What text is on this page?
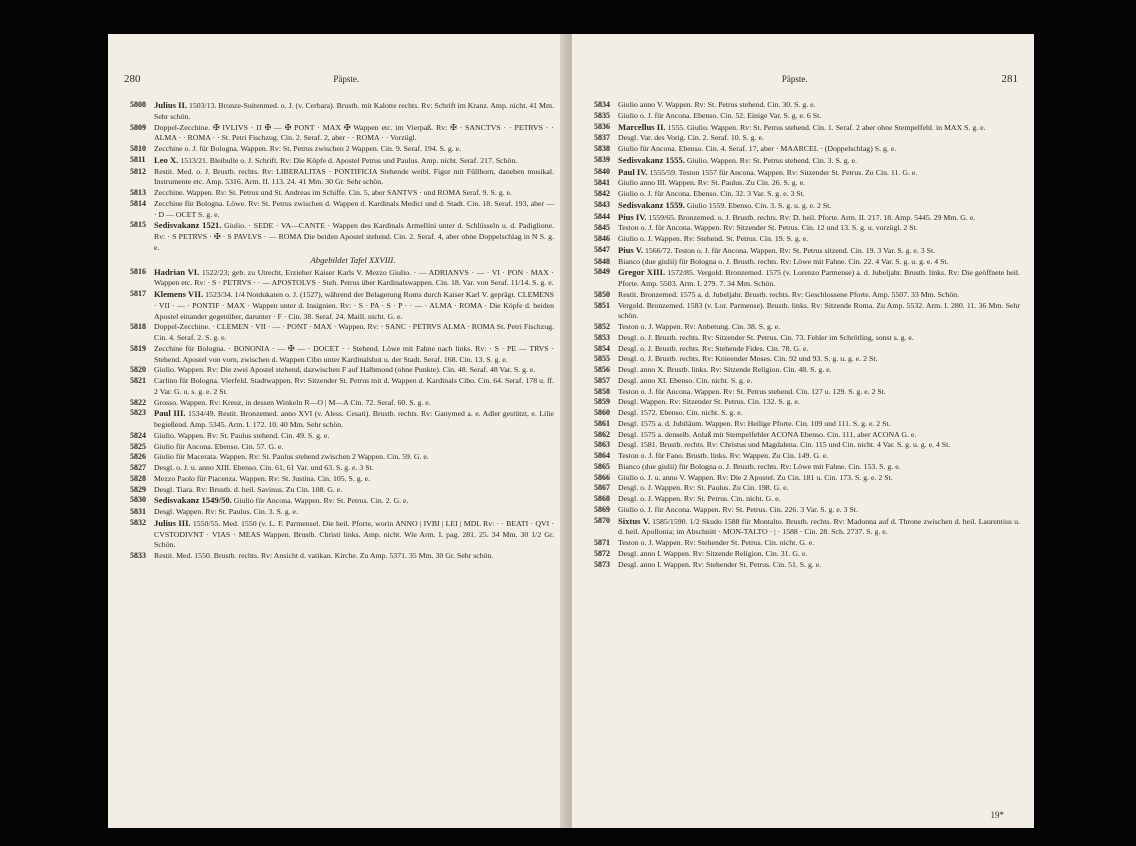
280	Päpste.
5808 Julius II. 1503/13. Bronze-Suitenmed. o. J. (v. Cerbara). Brustb. mit Kalotte rechts. Rv: Schrift im Kranz. Amp. nicht. 41 Mm. Sehr schön.
5809 Doppel-Zecchine. ✠ IVLIVS · II ✠ — ✠ PONT · MAX ✠ Wappen etc. im Vierpaß. Rv: ✠ · SANCTVS · · PETRVS · · ALMA · · ROMA · · St. Petri Fischzug. Cin. 2. Seraf. 2, aber · · ROMA · · Vorzügl.
5810 Zecchine o. J. für Bologna. Wappen. Rv: St. Petrus zwischen 2 Wappen. Cin. 9. Seraf. 194. S. g. e.
5811 Leo X. 1513/21. Bleibulle o. J. Schrift. Rv: Die Köpfe d. Apostel Petrus und Paulus. Amp. nicht. Seraf. 217. Schön.
5812 Restit. Med. o. J. Brustb. rechts. Rv: LIBERALITAS · PONTIFICIA Stehende weibl. Figur mit Füllhorn, daneben musikal. Instrumente etc. Amp. 5316. Arm. II. 113. 24. 41 Mm. 30 Gr. Sehr schön.
5813 Zecchine. Wappen. Rv: St. Petrus und St. Andreas im Schiffe. Cin. 5, aber SANTVS · und ROMA Seraf. 9. S. g. e.
5814 Zecchine für Bologna. Löwe. Rv: St. Petrus zwischen d. Wappen d. Kardinals Medici und d. Stadt. Cin. 18. Seraf. 193, aber — · D — OCET S. g. e.
5815 Sedisvakanz 1521. Giulio. · SEDE · VA—CANTE · Wappen des Kardinals Armellini unter d. Schlüsseln u. d. Padiglione. Rv: · S PETRVS · ✠ · S PAVLVS · — ROMA Die beiden Apostel stehend. Cin. 2. Seraf. 4, aber ohne Doppelschlag in N S. g. e.
Abgebildet Tafel XXVIII.
5816 Hadrian VI. 1522/23; geb. zu Utrecht, Erzieher Kaiser Karls V. Mezzo Giulio. · — ADRIANVS · — · VI · PON · MAX · Wappen etc. Rv: · S · PETRVS · · — APOSTOLVS · Steh. Petrus über Kardinalswappen. Cin. 18. Var. von Seraf. 11/14. S. g. e.
5817 Klemens VII. 1523/34. 1/4 Notdukaten o. J. (1527), während der Belagerung Roms durch Kaiser Karl V. geprägt. CLEMENS · VII · — · PONTIF · MAX · Wappen unter d. Insignien. Rv: · S · PA · S · P · · — · ALMA · ROMA · Die Köpfe d. beiden Apostel einander gegenüber, darunter · F · Cin. 38. Seraf. 24. Maill. nicht. G. e.
5818 Doppel-Zecchine. · CLEMEN · VII · — · PONT · MAX · Wappen. Rv: · SANC · PETRVS ALMA · ROMA St. Petri Fischzug. Cin. 4. Seraf. 2. S. g. e.
5819 Zecchine für Bologna. · BONONIA · — ✠ — · DOCET · · Stehend. Löwe mit Fahne nach links. Rv: · S · PE — TRVS · Stehend. Apostel von vorn, zwischen d. Wappen Cibo unter Kardinalshut u. der Stadt. Seraf. 168. Cin. 13. S. g. e.
5820 Giulio. Wappen. Rv: Die zwei Apostel stehend, dazwischen F auf Halbmond (ohne Punkte). Cin. 48. Seraf. 48 Var. S. g. e.
5821 Carlino für Bologna. Vierfeld. Stadtwappen. Rv: Sitzender St. Petrus mit d. Wappen d. Kardinals Cibo. Cin. 64. Seraf. 178 u. ff. 2 Var. G. u. s. g. e. 2 St.
5822 Grosso. Wappen. Rv: Kreuz, in dessen Winkeln R—O | M—A Cin. 72. Seraf. 60. S. g. e.
5823 Paul III. 1534/49. Restit. Bronzemed. anno XVI (v. Aless. Cesati). Brustb. rechts. Rv: Ganymed a. e. Adler gestützt, e. Lilie begießend. Amp. 5345. Arm. I. 172. 10. 40 Mm. Sehr schön.
5824 Giulio. Wappen. Rv: St. Paulus stehend. Cin. 49. S. g. e.
5825 Giulio für Ancona. Ebenso. Cin. 57. G. e.
5826 Giulio für Macerata. Wappen. Rv: St. Paulus stehend zwischen 2 Wappen. Cin. 59. G. e.
5827 Desgl. o. J. u. anno XIII. Ebenso. Cin. 61, 61 Var. und 63. S. g. e. 3 St.
5828 Mezzo Paolo für Piacenza. Wappen. Rv: St. Justina. Cin. 105. S. g. e.
5829 Desgl. Tiara. Rv: Brustb. d. heil. Savinus. Zu Cin. 108. G. e.
5830 Sedisvakanz 1549/50. Giulio für Ancona. Wappen. Rv: St. Petrus. Cin. 2. G. e.
5831 Desgl. Wappen. Rv: St. Paulus. Cin. 3. S. g. e.
5832 Julius III. 1550/55. Med. 1550 (v. L. F. Parmensel. Die heil. Pforte, worin ANNO | IVBI | LEI | MDL Rv: · · BEATI · QVI · CVSTODIVNT · VIAS · MEAS Wappen. Brustb. Christi links. Amp. nicht. Wie Arm. I. pag. 281. 25. 34 Mm. 30 1/2 Gr. Schön.
5833 Restit. Med. 1550. Brustb. rechts. Rv: Ansicht d. vatikan. Kirche. Zu Amp. 5371. 35 Mm. 30 Gr. Sehr schön.
Päpste.	281
5834 Giulio anno V. Wappen. Rv: St. Petrus stehend. Cin. 30. S. g. e.
5835 Giulio o. J. für Ancona. Ebenso. Cin. 52. Einige Var. S. g. e. 6 St.
5836 Marcellus II. 1555. Giulio. Wappen. Rv: St. Petrus stehend. Cin. 1. Seraf. 2 aber ohne Stempelfehl. in MAX S. g. e.
5837 Desgl. Var. des Vorig. Cin. 2. Seraf. 10. S. g. e.
5838 Giulio für Ancona. Ebenso. Cin. 4. Seraf. 17, aber · MAARCEL · (Doppelschlag) S. g. e.
5839 Sedisvakanz 1555. Giulio. Wappen. Rv: St. Petrus stehend. Cin. 3. S. g. e.
5840 Paul IV. 1555/59. Teston 1557 für Ancona. Wappen. Rv: Sitzender St. Petrus. Zu Cin. 11. G. e.
5841 Giulio anno III. Wappen. Rv: St. Paulus. Zu Cin. 26. S. g. e.
5842 Giulio o. J. für Ancona. Ebenso. Cin. 32. 3 Var. S. g. e. 3 St.
5843 Sedisvakanz 1559. Giulio 1559. Ebenso. Cin. 3. S. g. u. g. e. 2 St.
5844 Pius IV. 1559/65. Bronzemed. o. J. Brustb. rechts. Rv: D. heil. Pforte. Arm. II. 217. 18. Amp. 5445. 29 Mm. G. e.
5845 Teston o. J. für Ancona. Wappen. Rv: Sitzender St. Petrus. Cin. 12 und 13. S. g. u. vorzügl. 2 St.
5846 Giulio o. J. Wappen. Rv: Stehend. St. Petrus. Cin. 19. S. g. e.
5847 Pius V. 1566/72. Teston o. J. für Ancona. Wappen. Rv: St. Petrus sitzend. Cin. 19. 3 Var. S. g. e. 3 St.
5848 Bianco (due giulii) für Bologna o. J. Brustb. rechts. Rv: Löwe mit Fahne. Cin. 22. 4 Var. S. g. u. g. e. 4 St.
5849 Gregor XIII. 1572/85. Vergold. Bronzemed. 1575 (v. Lorenzo Parmense) a. d. Jubeljahr. Brustb. links. Rv: Die geöffnete heil. Pforte. Amp. 5503. Arm. I. 279. 7. 34 Mm. Schön.
5850 Restit. Bronzemed. 1575 a. d. Jubeljahr. Brustb. rechts. Rv: Geschlossene Pforte. Amp. 5507. 33 Mm. Schön.
5851 Vergold. Bronzemed. 1583 (v. Lor. Parmense). Brustb. links. Rv: Sitzende Roma. Zu Amp. 5532. Arm. I. 280. 11. 36 Mm. Sehr schön.
5852 Teston o. J. Wappen. Rv: Anbetung. Cin. 38. S. g. e.
5853 Desgl. o. J. Brustb. rechts. Rv: Sitzender St. Petrus. Cin. 73. Fehler im Schrötling, sonst s. g. e.
5854 Desgl. o. J. Brustb. rechts. Rv: Stehende Fides. Cin. 78. G. e.
5855 Desgl. o. J. Brustb. rechts. Rv: Knieender Moses. Cin. 92 und 93. S. g. u. g. e. 2 St.
5856 Desgl. anno X. Brustb. links. Rv: Sitzende Religion. Cin. 48. S. g. e.
5857 Desgl. anno XI. Ebenso. Cin. nicht. S. g. e.
5858 Teston o. J. für Ancona. Wappen. Rv: St. Petrus stehend. Cin. 127 u. 129. S. g. e. 2 St.
5859 Desgl. Wappen. Rv: Sitzender St. Petrus. Cin. 132. S. g. e.
5860 Desgl. 1572. Ebenso. Cin. nicht. S. g. e.
5861 Desgl. 1575 a. d. Jubiläum. Wappen. Rv: Heilige Pforte. Cin. 109 und 111. S. g. e. 2 St.
5862 Desgl. 1575 a. denselb. Anlaß mit Stempelfehler ACONA Ebenso. Cin. 111, aber ACONA G. e.
5863 Desgl. 1581. Brustb. rechts. Rv: Christus und Magdalena. Cin. 115 und Cin. nicht. 4 Var. S. g. u. g. e. 4 St.
5864 Teston o. J. für Fano. Brustb. links. Rv: Wappen. Zu Cin. 149. G. e.
5865 Bianco (due giulii) für Bologna o. J. Brustb. rechts. Rv: Löwe mit Fahne. Cin. 153. S. g. e.
5866 Giulio o. J. u. anno V. Wappen. Rv: Die 2 Apostel. Zu Cin. 181 u. Cin. 173. S. g. e. 2 St.
5867 Desgl. o. J. Wappen. Rv: St. Paulus. Zu Cin. 198. G. e.
5868 Desgl. o. J. Wappen. Rv: St. Petrus. Cin. nicht. G. e.
5869 Giulio o. J. für Ancona. Wappen. Rv: St. Petrus. Cin. 226. 3 Var. S. g. e. 3 St.
5870 Sixtus V. 1585/1590. 1/2 Skudo 1588 für Montalto. Brustb. rechts. Rv: Madonna auf d. Throne zwischen d. heil. Laurentius u. d. heil. Apollonia; im Abschnitt · MON-TALTO · | · 1588 · Cin. 28. Sch. 2737. S. g. e.
5871 Teston o. J. Wappen. Rv: Stehender St. Petrus. Cin. nicht. G. e.
5872 Desgl. anno I. Wappen. Rv: Sitzende Religion. Cin. 31. G. e.
5873 Desgl. anno I. Wappen. Rv: Stehender St. Petrus. Cin. 51. S. g. e.
19*
